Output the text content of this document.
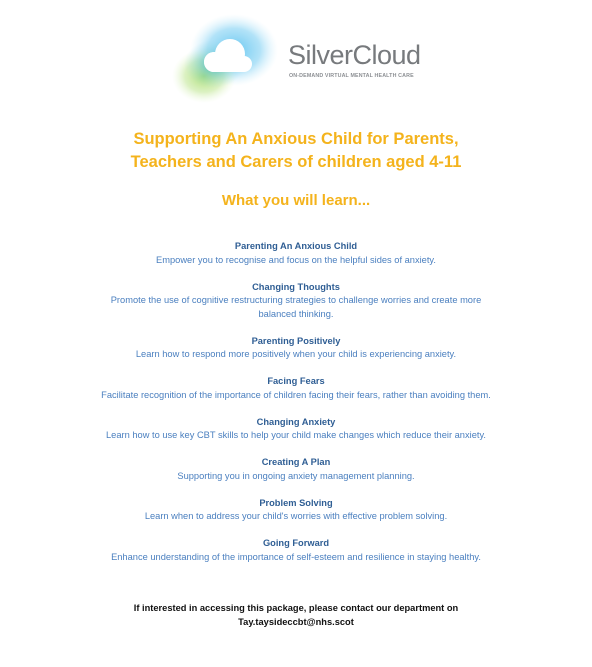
SilverCloud
ON-DEMAND VIRTUAL MENTAL HEALTH CARE
Supporting An Anxious Child for Parents,
Teachers and Carers of children aged 4-11
What you will learn...
Parenting An Anxious Child
Empower you to recognise and focus on the helpful sides of anxiety.
Changing Thoughts
Promote the use of cognitive restructuring strategies to challenge worries and create more balanced thinking.
Parenting Positively
Learn how to respond more positively when your child is experiencing anxiety.
Facing Fears
Facilitate recognition of the importance of children facing their fears, rather than avoiding them.
Changing Anxiety
Learn how to use key CBT skills to help your child make changes which reduce their anxiety.
Creating A Plan
Supporting you in ongoing anxiety management planning.
Problem Solving
Learn when to address your child's worries with effective problem solving.
Going Forward
Enhance understanding of the importance of self-esteem and resilience in staying healthy.
If interested in accessing this package, please contact our department on
Tay.taysideccbt@nhs.scot
